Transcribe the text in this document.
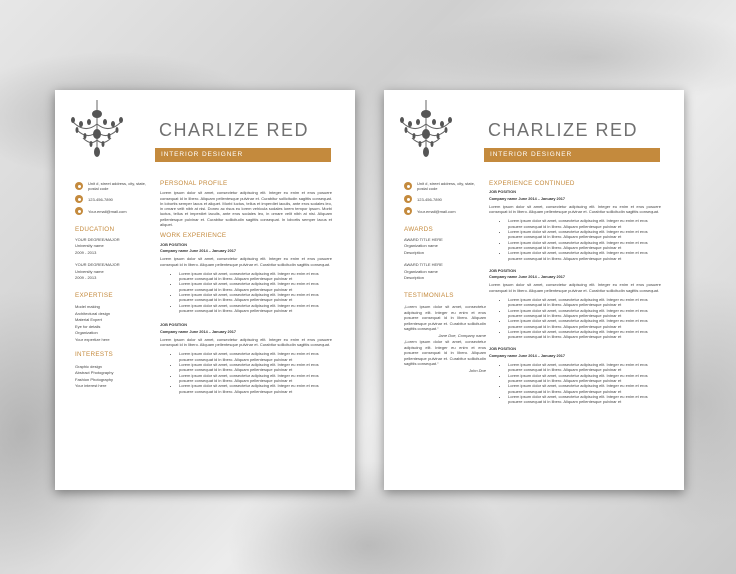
CHARLIZE RED
INTERIOR DESIGNER
Unit #, street address, city, state, postal code
123-456-7890
Your.email@mail.com
EDUCATION

YOUR DEGREE/MAJOR

University name

2009 - 2013

YOUR DEGREE/MAJOR

University name

2009 - 2013

EXPERTISE

Model making

Architectural design

Material Expert

Eye for details

Organization

Your expertize here

INTERESTS

Graphic design

Abstract Photography

Fashion Photography

Your interest here

PERSONAL PROFILE

Lorem ipsum dolor sit amet, consectetur adipiscing elit. Integer eu enim et eros posuere consequat id in libero. Aliquam pellentesque pulvinar et. Curabitur sollicitudin sagittis consequat. In lobortis semper lacus et aliquet. Morbi luctus, tellus et imperdiet iaculis, ante eros sodales leo, in ornare velit nibh at nisi. Donec ac risus eu lorem vehicula sodales lorem tempor ipsum. Morbi luctus, tellus et imperdiet iaculis, ante eros sodales leo, in ornare velit nibh at nisi. Aliquam pellentesque pulvinar et. Curabitur sollicitudin sagittis consequat. In lobortis semper lacus et aliquet.

WORK EXPERIENCE

JOB POSITION

Company name June 2014 – January 2017

Lorem ipsum dolor sit amet, consectetur adipiscing elit. Integer eu enim et eros posuere consequat id in libero. Aliquam pellentesque pulvinar et. Curabitur sollicitudin sagittis consequat.

• Lorem ipsum dolor sit amet, consectetur adipiscing elit. Integer eu enim et eros posuere consequat id in libero. Aliquam pellentesque pulvinar et
• Lorem ipsum dolor sit amet, consectetur adipiscing elit. Integer eu enim et eros posuere consequat id in libero. Aliquam pellentesque pulvinar et
• Lorem ipsum dolor sit amet, consectetur adipiscing elit. Integer eu enim et eros posuere consequat id in libero. Aliquam pellentesque pulvinar et
• Lorem ipsum dolor sit amet, consectetur adipiscing elit. Integer eu enim et eros posuere consequat id in libero. Aliquam pellentesque pulvinar et

JOB POSITION

Company name June 2014 – January 2017

Lorem ipsum dolor sit amet, consectetur adipiscing elit. Integer eu enim et eros posuere consequat id in libero. Aliquam pellentesque pulvinar et. Curabitur sollicitudin sagittis consequat.

• Lorem ipsum dolor sit amet, consectetur adipiscing elit. Integer eu enim et eros posuere consequat id in libero. Aliquam pellentesque pulvinar et
• Lorem ipsum dolor sit amet, consectetur adipiscing elit. Integer eu enim et eros posuere consequat id in libero. Aliquam pellentesque pulvinar et
• Lorem ipsum dolor sit amet, consectetur adipiscing elit. Integer eu enim et eros posuere consequat id in libero. Aliquam pellentesque pulvinar et
• Lorem ipsum dolor sit amet, consectetur adipiscing elit. Integer eu enim et eros posuere consequat id in libero. Aliquam pellentesque pulvinar et
CHARLIZE RED
INTERIOR DESIGNER
Unit #, street address, city, state, postal code
123-456-7890
Your.email@mail.com
AWARDS

AWARD TITLE HERE

Organization name

Description

AWARD TITLE HERE

Organization name

Description

TESTIMONIALS

„Lorem ipsum dolor sit amet, consectetur adipiscing elit. Integer eu enim et eros posuere consequat id in libero. Aliquam pellentesque pulvinar et. Curabitur sollicitudin sagittis consequat.“

Jane Doe, Company name

„Lorem ipsum dolor sit amet, consectetur adipiscing elit. Integer eu enim et eros posuere consequat id in libero. Aliquam pellentesque pulvinar et. Curabitur sollicitudin sagittis consequat.“

John Doe

EXPERIENCE CONTINUED

JOB POSITION

Company name June 2014 – January 2017

Lorem ipsum dolor sit amet, consectetur adipiscing elit. Integer eu enim et eros posuere consequat id in libero. Aliquam pellentesque pulvinar et. Curabitur sollicitudin sagittis consequat.

• Lorem ipsum dolor sit amet, consectetur adipiscing elit. Integer eu enim et eros posuere consequat id in libero. Aliquam pellentesque pulvinar et
• Lorem ipsum dolor sit amet, consectetur adipiscing elit. Integer eu enim et eros posuere consequat id in libero. Aliquam pellentesque pulvinar et
• Lorem ipsum dolor sit amet, consectetur adipiscing elit. Integer eu enim et eros posuere consequat id in libero. Aliquam pellentesque pulvinar et
• Lorem ipsum dolor sit amet, consectetur adipiscing elit. Integer eu enim et eros posuere consequat id in libero. Aliquam pellentesque pulvinar et

JOB POSITION

Company name June 2014 – January 2017

Lorem ipsum dolor sit amet, consectetur adipiscing elit. Integer eu enim et eros posuere consequat id in libero. Aliquam pellentesque pulvinar et. Curabitur sollicitudin sagittis consequat.

• Lorem ipsum dolor sit amet, consectetur adipiscing elit. Integer eu enim et eros posuere consequat id in libero. Aliquam pellentesque pulvinar et
• Lorem ipsum dolor sit amet, consectetur adipiscing elit. Integer eu enim et eros posuere consequat id in libero. Aliquam pellentesque pulvinar et
• Lorem ipsum dolor sit amet, consectetur adipiscing elit. Integer eu enim et eros posuere consequat id in libero. Aliquam pellentesque pulvinar et
• Lorem ipsum dolor sit amet, consectetur adipiscing elit. Integer eu enim et eros posuere consequat id in libero. Aliquam pellentesque pulvinar et

JOB POSITION

Company name June 2014 – January 2017

• Lorem ipsum dolor sit amet, consectetur adipiscing elit. Integer eu enim et eros posuere consequat id in libero. Aliquam pellentesque pulvinar et
• Lorem ipsum dolor sit amet, consectetur adipiscing elit. Integer eu enim et eros posuere consequat id in libero. Aliquam pellentesque pulvinar et
• Lorem ipsum dolor sit amet, consectetur adipiscing elit. Integer eu enim et eros posuere consequat id in libero. Aliquam pellentesque pulvinar et
• Lorem ipsum dolor sit amet, consectetur adipiscing elit. Integer eu enim et eros posuere consequat id in libero. Aliquam pellentesque pulvinar et
